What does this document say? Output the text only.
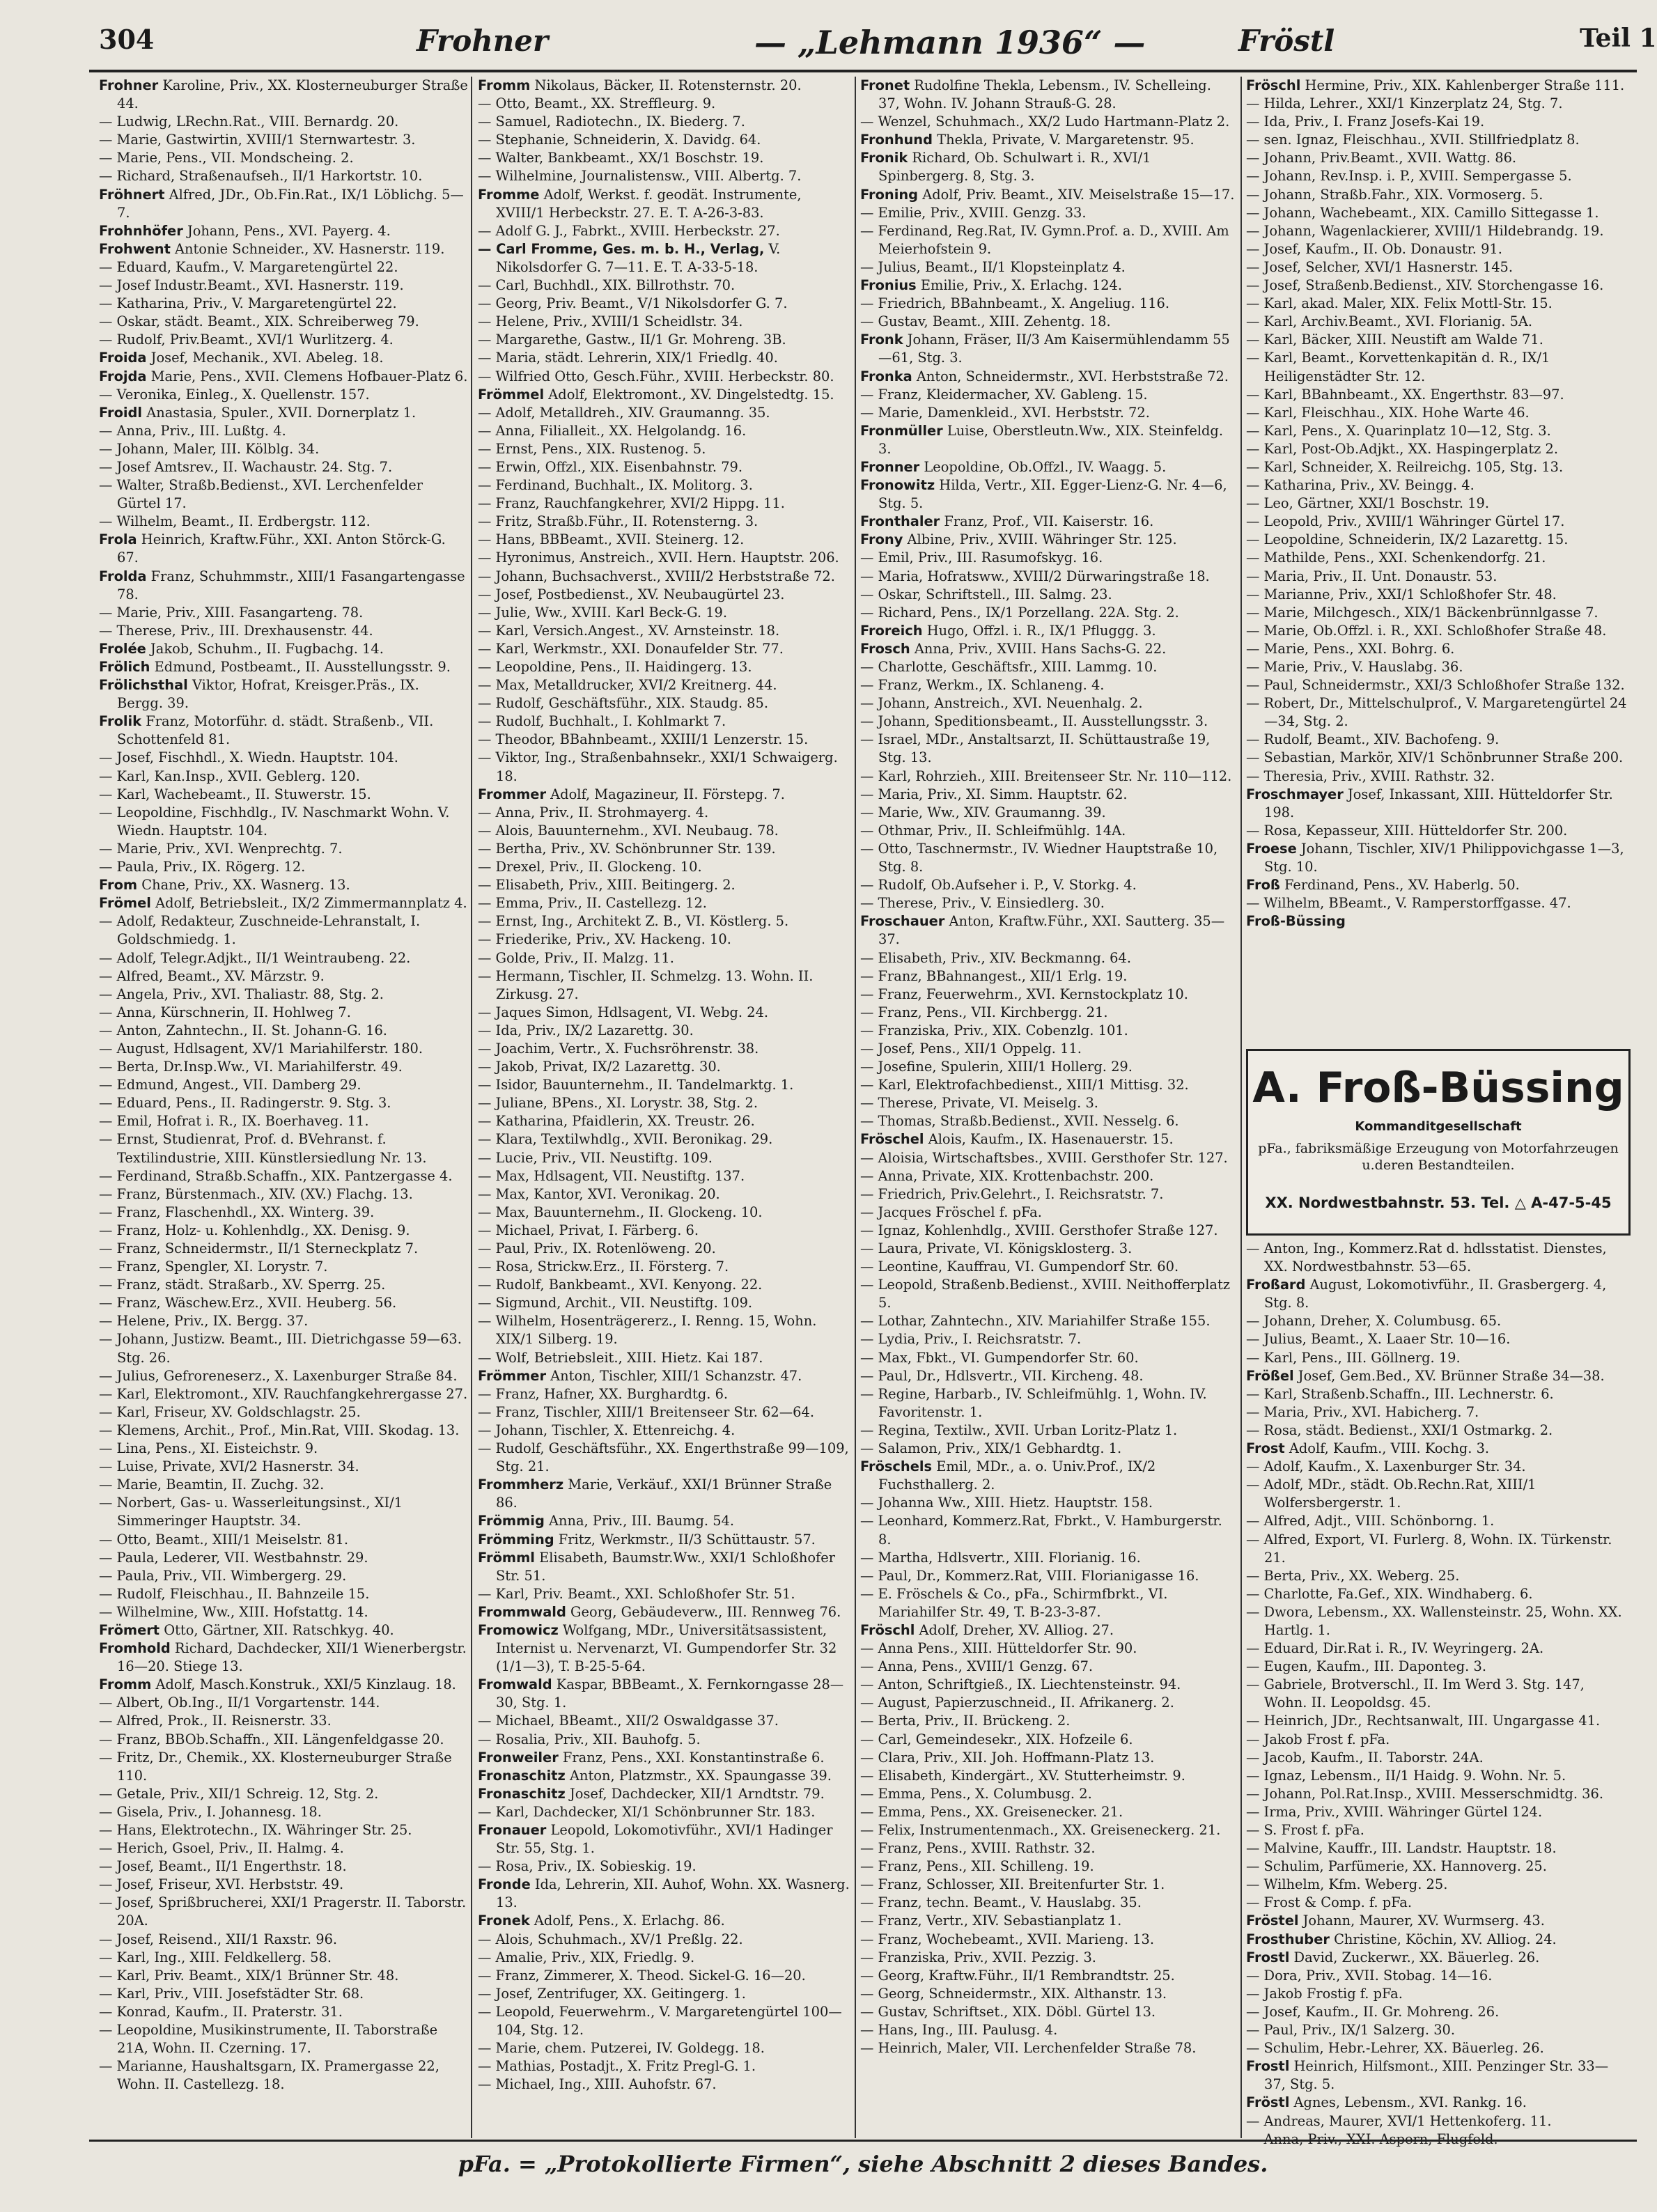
304	Frohner	— „Lehmann 1936“ —	Fröstl	Teil 1

Frohner Karoline, Priv., XX. Klosterneuburger Straße 44.

— Ludwig, LRechn.Rat., VIII. Bernardg. 20.

— Marie, Gastwirtin, XVIII/1 Sternwartestr. 3.

— Marie, Pens., VII. Mondscheing. 2.

— Richard, Straßenaufseh., II/1 Harkortstr. 10.

Fröhnert Alfred, JDr., Ob.Fin.Rat., IX/1 Löblichg. 5—7.

Frohnhöfer Johann, Pens., XVI. Payerg. 4.

Frohwent Antonie Schneider., XV. Hasnerstr. 119.

— Eduard, Kaufm., V. Margaretengürtel 22.

— Josef Industr.Beamt., XVI. Hasnerstr. 119.

— Katharina, Priv., V. Margaretengürtel 22.

— Oskar, städt. Beamt., XIX. Schreiberweg 79.

— Rudolf, Priv.Beamt., XVI/1 Wurlitzerg. 4.

Froida Josef, Mechanik., XVI. Abelеg. 18.

Frojda Marie, Pens., XVII. Clemens Hofbauer-Platz 6.

— Veronika, Einleg., X. Quellenstr. 157.

Froidl Anastasia, Spuler., XVII. Dornerplatz 1.

— Anna, Priv., III. Lußtg. 4.

— Johann, Maler, III. Kölblg. 34.

— Josef Amtsrev., II. Wachaustr. 24. Stg. 7.

— Walter, Straßb.Bedienst., XVI. Lerchenfelder Gürtel 17.

— Wilhelm, Beamt., II. Erdbergstr. 112.

Frola Heinrich, Kraftw.Führ., XXI. Anton Störck-G. 67.

Frolda Franz, Schuhmmstr., XIII/1 Fasangartengasse 78.

— Marie, Priv., XIII. Fasangarteng. 78.

— Therese, Priv., III. Drехhausenstr. 44.

Frolée Jakob, Schuhm., II. Fugbachg. 14.

Frölich Edmund, Postbeamt., II. Ausstellungsstr. 9.

Frölichsthal Viktor, Hofrat, Kreisger.Präs., IX. Bergg. 39.

Frolik Franz, Motorführ. d. städt. Straßenb., VII. Schottenfeld 81.

— Josef, Fischhdl., X. Wiedn. Hauptstr. 104.

— Karl, Kan.Insp., XVII. Geblerg. 120.

— Karl, Wachebeamt., II. Stuwerstr. 15.

— Leopoldine, Fischhdlg., IV. Naschmarkt Wohn. V. Wiedn. Hauptstr. 104.

— Marie, Priv., XVI. Wenprechtg. 7.

— Paula, Priv., IX. Rögerg. 12.

From Chane, Priv., XX. Wasnerg. 13.

Frömel Adolf, Betriebsleit., IX/2 Zimmermannplatz 4.

— Adolf, Redakteur, Zuschneide-Lehranstalt, I. Goldschmiedg. 1.

— Adolf, Telegr.Adjkt., II/1 Weintraubeng. 22.

— Alfred, Beamt., XV. Märzstr. 9.

— Angela, Priv., XVI. Thaliastr. 88, Stg. 2.

— Anna, Kürschnerin, II. Hohlweg 7.

— Anton, Zahntechn., II. St. Johann-G. 16.

— August, Hdlsagent, XV/1 Mariahilferstr. 180.

— Berta, Dr.Insp.Ww., VI. Mariahilferstr. 49.

— Edmund, Angest., VII. Damberg 29.

— Eduard, Pens., II. Radingerstr. 9. Stg. 3.

— Emil, Hofrat i. R., IX. Boerhaveg. 11.

— Ernst, Studienrat, Prof. d. BVehranst. f. Textilindustrie, XIII. Künstlersiedlung Nr. 13.

— Ferdinand, Straßb.Schaffn., XIX. Pantzergasse 4.

— Franz, Bürstenmach., XIV. (XV.) Flachg. 13.

— Franz, Flaschenhdl., XX. Winterg. 39.

— Franz, Holz- u. Kohlenhdlg., XX. Denisg. 9.

— Franz, Schneidermstr., II/1 Sterneckplatz 7.

— Franz, Spengler, XI. Lorystr. 7.

— Franz, städt. Straßarb., XV. Sperrg. 25.

— Franz, Wäschew.Erz., XVII. Heuberg. 56.

— Helene, Priv., IX. Bergg. 37.

— Johann, Justizw. Beamt., III. Dietrichgasse 59—63. Stg. 26.

— Julius, Gefroreneserz., X. Laxenburger Straße 84.

— Karl, Elektromont., XIV. Rauchfangkehrergasse 27.

— Karl, Friseur, XV. Goldschlagstr. 25.

— Klemens, Archit., Prof., Min.Rat, VIII. Skodag. 13.

— Lina, Pens., XI. Eisteichstr. 9.

— Luise, Private, XVI/2 Hasnerstr. 34.

— Marie, Beamtin, II. Zuchg. 32.

— Norbert, Gas- u. Wasserleitungsinst., XI/1 Simmeringer Hauptstr. 34.

— Otto, Beamt., XIII/1 Meiselstr. 81.

— Paula, Lederer, VII. Westbahnstr. 29.

— Paula, Priv., VII. Wimbergerg. 29.

— Rudolf, Fleischhau., II. Bahnzeile 15.

— Wilhelmine, Ww., XIII. Hofstattg. 14.

Frömert Otto, Gärtner, XII. Ratschkyg. 40.

Fromhold Richard, Dachdecker, XII/1 Wienerbergstr. 16—20. Stiege 13.

Fromm Adolf, Masch.Konstruk., XXI/5 Kinzlaug. 18.

— Albert, Ob.Ing., II/1 Vorgartenstr. 144.

— Alfred, Prok., II. Reisnerstr. 33.

— Franz, BBOb.Schaffn., XII. Längenfeldgasse 20.

— Fritz, Dr., Chemik., XX. Klosterneuburger Straße 110.

— Getale, Priv., XII/1 Schreig. 12, Stg. 2.

— Gisela, Priv., I. Johannesg. 18.

— Hans, Elektrotechn., IX. Währinger Str. 25.

— Herich, Gsoel, Priv., II. Halmg. 4.

— Josef, Beamt., II/1 Engerthstr. 18.

— Josef, Friseur, XVI. Herbststr. 49.

— Josef, Sprißbrucherei, XXI/1 Pragerstr. II. Taborstr. 20A.

— Josef, Reisend., XII/1 Raxstr. 96.

— Karl, Ing., XIII. Feldkellerg. 58.

— Karl, Priv. Beamt., XIX/1 Brünner Str. 48.

— Karl, Priv., VIII. Josefstädter Str. 68.

— Konrad, Kaufm., II. Praterstr. 31.

— Leopoldine, Musikinstrumente, II. Taborstraße 21A, Wohn. II. Czerning. 17.

— Marianne, Haushaltsgarn, IX. Pramergasse 22, Wohn. II. Castellezg. 18.

Fromm Nikolaus, Bäcker, II. Rotensternstr. 20.

— Otto, Beamt., XX. Streffleurg. 9.

— Samuel, Radiotechn., IX. Biederg. 7.

— Stephanie, Schneiderin, X. Davidg. 64.

— Walter, Bankbeamt., XX/1 Boschstr. 19.

— Wilhelmine, Journalistensw., VIII. Albertg. 7.

Fromme Adolf, Werkst. f. geodät. Instrumente, XVIII/1 Herbeckstr. 27. E. T. A-26-3-83.

— Adolf G. J., Fabrkt., XVIII. Herbeckstr. 27.

— Carl Fromme, Ges. m. b. H., Verlag, V. Nikolsdorfer G. 7—11. E. T. A-33-5-18.

— Carl, Buchhdl., XIX. Billrothstr. 70.

— Georg, Priv. Beamt., V/1 Nikolsdorfer G. 7.

— Helene, Priv., XVIII/1 Scheidlstr. 34.

— Margarethe, Gastw., II/1 Gr. Mohreng. 3B.

— Maria, städt. Lehrerin, XIX/1 Friedlg. 40.

— Wilfried Otto, Gesch.Führ., XVIII. Herbeckstr. 80.

Frömmel Adolf, Elektromont., XV. Dingelstedtg. 15.

— Adolf, Metalldreh., XIV. Graumanng. 35.

— Anna, Filialleit., XX. Helgolandg. 16.

— Ernst, Pens., XIX. Rustenog. 5.

— Erwin, Offzl., XIX. Eisenbahnstr. 79.

— Ferdinand, Buchhalt., IX. Molitorg. 3.

— Franz, Rauchfangkehrer, XVI/2 Hippg. 11.

— Fritz, Straßb.Führ., II. Rotensterng. 3.

— Hans, BBBeamt., XVII. Steinerg. 12.

— Hyronimus, Anstreich., XVII. Hern. Hauptstr. 206.

— Johann, Buchsachverst., XVIII/2 Herbststraße 72.

— Josef, Postbedienst., XV. Neubaugürtel 23.

— Julie, Ww., XVIII. Karl Beck-G. 19.

— Karl, Versich.Angest., XV. Arnsteinstr. 18.

— Karl, Werkmstr., XXI. Donaufelder Str. 77.

— Leopoldine, Pens., II. Haidingerg. 13.

— Max, Metalldrucker, XVI/2 Kreitnerg. 44.

— Rudolf, Geschäftsführ., XIX. Staudg. 85.

— Rudolf, Buchhalt., I. Kohlmarkt 7.

— Theodor, BBahnbeamt., XXIII/1 Lenzerstr. 15.

— Viktor, Ing., Straßenbahnsekr., XXI/1 Schwaigerg. 18.

Frommer Adolf, Magazineur, II. Förstерg. 7.

— Anna, Priv., II. Strohmayerg. 4.

— Alois, Bauunternehm., XVI. Neubaug. 78.

— Bertha, Priv., XV. Schönbrunner Str. 139.

— Drexel, Priv., II. Glockeng. 10.

— Elisabeth, Priv., XIII. Beitingerg. 2.

— Emma, Priv., II. Castellezg. 12.

— Ernst, Ing., Architekt Z. B., VI. Köstlerg. 5.

— Friederike, Priv., XV. Hackeng. 10.

— Golde, Priv., II. Malzg. 11.

— Hermann, Tischler, II. Schmelzg. 13. Wohn. II. Zirkusg. 27.

— Jaques Simon, Hdlsagent, VI. Webg. 24.

— Ida, Priv., IX/2 Lazarettg. 30.

— Joachim, Vertr., X. Fuchsröhrenstr. 38.

— Jakob, Privat, IX/2 Lazarettg. 30.

— Isidor, Bauunternehm., II. Tandelmarktg. 1.

— Juliane, BPens., XI. Lorystr. 38, Stg. 2.

— Katharina, Pfaidlerin, XX. Treustr. 26.

— Klara, Textilwhdlg., XVII. Beronikag. 29.

— Lucie, Priv., VII. Neustiftg. 109.

— Max, Hdlsagent, VII. Neustiftg. 137.

— Max, Kantor, XVI. Veronikag. 20.

— Max, Bauunternehm., II. Glockeng. 10.

— Michael, Privat, I. Färberg. 6.

— Paul, Priv., IX. Rotenlöweng. 20.

— Rosa, Strickw.Erz., II. Försterg. 7.

— Rudolf, Bankbeamt., XVI. Kenyong. 22.

— Sigmund, Archit., VII. Neustiftg. 109.

— Wilhelm, Hosenträgererz., I. Renng. 15, Wohn. XIX/1 Silberg. 19.

— Wolf, Betriebsleit., XIII. Hietz. Kai 187.

Frömmer Anton, Tischler, XIII/1 Schanzstr. 47.

— Franz, Hafner, XX. Burghardtg. 6.

— Franz, Tischler, XIII/1 Breitenseer Str. 62—64.

— Johann, Tischler, X. Ettenreichg. 4.

— Rudolf, Geschäftsführ., XX. Engerthstraße 99—109, Stg. 21.

Frommherz Marie, Verkäuf., XXI/1 Brünner Straße 86.

Frömmig Anna, Priv., III. Baumg. 54.

Frömming Fritz, Werkmstr., II/3 Schüttaustr. 57.

Frömml Elisabeth, Baumstr.Ww., XXI/1 Schloßhofer Str. 51.

— Karl, Priv. Beamt., XXI. Schloßhofer Str. 51.

Frommwald Georg, Gebäudeverw., III. Rennweg 76.

Fromowicz Wolfgang, MDr., Universitätsassistent, Internist u. Nervenarzt, VI. Gumpendorfer Str. 32 (1/1—3), T. B-25-5-64.

Fromwald Kaspar, BBBeamt., X. Fernkorngasse 28—30, Stg. 1.

— Michael, BBeamt., XII/2 Oswaldgasse 37.

— Rosalia, Priv., XII. Bauhofg. 5.

Fronweiler Franz, Pens., XXI. Konstantinstraße 6.

Fronaschitz Anton, Platzmstr., XX. Spaungasse 39.

Fronaschitz Josef, Dachdecker, XII/1 Arndtstr. 79.

— Karl, Dachdecker, XI/1 Schönbrunner Str. 183.

Fronauer Leopold, Lokomotivführ., XVI/1 Hadinger Str. 55, Stg. 1.

— Rosa, Priv., IX. Sobieskig. 19.

Fronde Ida, Lehrerin, XII. Auhof, Wohn. XX. Wasnerg. 13.

Fronek Adolf, Pens., X. Erlachg. 86.

— Alois, Schuhmach., XV/1 Preßlg. 22.

— Amalie, Priv., XIX, Friedlg. 9.

— Franz, Zimmerer, X. Theod. Sickel-G. 16—20.

— Josef, Zentrifuger, XX. Geitingerg. 1.

— Leopold, Feuerwehrm., V. Margaretengürtel 100—104, Stg. 12.

— Marie, chem. Putzerei, IV. Goldegg. 18.

— Mathias, Postadjt., X. Fritz Pregl-G. 1.

— Michael, Ing., XIII. Auhofstr. 67.

Fronet Rudolfine Thekla, Lebensm., IV. Schelleing. 37, Wohn. IV. Johann Strauß-G. 28.

— Wenzel, Schuhmach., XX/2 Ludo Hartmann-Platz 2.

Fronhund Thekla, Private, V. Margaretenstr. 95.

Fronik Richard, Ob. Schulwart i. R., XVI/1 Spinbergerg. 8, Stg. 3.

Froning Adolf, Priv. Beamt., XIV. Meiselstraße 15—17.

— Emilie, Priv., XVIII. Genzg. 33.

— Ferdinand, Reg.Rat, IV. Gymn.Prof. a. D., XVIII. Am Meierhofstein 9.

— Julius, Beamt., II/1 Klopsteinplatz 4.

Fronius Emilie, Priv., X. Erlachg. 124.

— Friedrich, BBahnbeamt., X. Angeliug. 116.

— Gustav, Beamt., XIII. Zehentg. 18.

Fronk Johann, Fräser, II/3 Am Kaisermühlendamm 55—61, Stg. 3.

Fronka Anton, Schneidermstr., XVI. Herbststraße 72.

— Franz, Kleidermacher, XV. Gableng. 15.

— Marie, Damenkleid., XVI. Herbststr. 72.

Fronmüller Luise, Oberstleutn.Ww., XIX. Steinfeldg. 3.

Fronner Leopoldine, Ob.Offzl., IV. Waagg. 5.

Fronowitz Hilda, Vertr., XII. Egger-Lienz-G. Nr. 4—6, Stg. 5.

Fronthaler Franz, Prof., VII. Kaiserstr. 16.

Frony Albine, Priv., XVIII. Währinger Str. 125.

— Emil, Priv., III. Rasumofskyg. 16.

— Maria, Hofratsww., XVIII/2 Dürwaringstraße 18.

— Oskar, Schriftstell., III. Salmg. 23.

— Richard, Pens., IX/1 Porzellang. 22A. Stg. 2.

Froreich Hugo, Offzl. i. R., IX/1 Pfluggg. 3.

Frosch Anna, Priv., XVIII. Hans Sachs-G. 22.

— Charlotte, Geschäftsfr., XIII. Lammg. 10.

— Franz, Werkm., IX. Schlaneng. 4.

— Johann, Anstreich., XVI. Neuenhalg. 2.

— Johann, Speditionsbeamt., II. Ausstellungsstr. 3.

— Israel, MDr., Anstaltsarzt, II. Schüttaustraße 19, Stg. 13.

— Karl, Rohrzieh., XIII. Breitenseer Str. Nr. 110—112.

— Maria, Priv., XI. Simm. Hauptstr. 62.

— Marie, Ww., XIV. Graumanng. 39.

— Othmar, Priv., II. Schleifmühlg. 14A.

— Otto, Taschnermstr., IV. Wiedner Hauptstraße 10, Stg. 8.

— Rudolf, Ob.Aufseher i. P., V. Storkg. 4.

— Therese, Priv., V. Einsiedlerg. 30.

Froschauer Anton, Kraftw.Führ., XXI. Sautterg. 35—37.

— Elisabeth, Priv., XIV. Beckmanng. 64.

— Franz, BBahnangest., XII/1 Erlg. 19.

— Franz, Feuerwehrm., XVI. Kernstockplatz 10.

— Franz, Pens., VII. Kirchbergg. 21.

— Franziska, Priv., XIX. Cobenzlg. 101.

— Josef, Pens., XII/1 Oppelg. 11.

— Josefine, Spulerin, XIII/1 Hollerg. 29.

— Karl, Elektrofachbedienst., XIII/1 Mittisg. 32.

— Therese, Private, VI. Meiselg. 3.

— Thomas, Straßb.Bedienst., XVII. Nesselg. 6.

Fröschel Alois, Kaufm., IX. Hasenauerstr. 15.

— Aloisia, Wirtschaftsbes., XVIII. Gersthofer Str. 127.

— Anna, Private, XIX. Krottenbachstr. 200.

— Friedrich, Priv.Gelehrt., I. Reichsratstr. 7.

— Jacques Fröschel f. pFa.

— Ignaz, Kohlenhdlg., XVIII. Gersthofer Straße 127.

— Laura, Private, VI. Königsklosterg. 3.

— Leontine, Kauffrau, VI. Gumpendorf Str. 60.

— Leopold, Straßenb.Bedienst., XVIII. Neithofferplatz 5.

— Lothar, Zahntechn., XIV. Mariahilfer Straße 155.

— Lydia, Priv., I. Reichsratstr. 7.

— Max, Fbkt., VI. Gumpendorfer Str. 60.

— Paul, Dr., Hdlsvertr., VII. Kircheng. 48.

— Regine, Harbarb., IV. Schleifmühlg. 1, Wohn. IV. Favoritenstr. 1.

— Regina, Textilw., XVII. Urban Loritz-Platz 1.

— Salamon, Priv., XIX/1 Gebhardtg. 1.

Fröschels Emil, MDr., a. o. Univ.Prof., IX/2 Fuchsthallerg. 2.

— Johanna Ww., XIII. Hietz. Hauptstr. 158.

— Leonhard, Kommerz.Rat, Fbrkt., V. Hamburgerstr. 8.

— Martha, Hdlsvertr., XIII. Florianig. 16.

— Paul, Dr., Kommerz.Rat, VIII. Florianigasse 16.

— E. Fröschels & Co., pFa., Schirmfbrkt., VI. Mariahilfer Str. 49, T. B-23-3-87.

Fröschl Adolf, Dreher, XV. Alliog. 27.

— Anna Pens., XIII. Hütteldorfer Str. 90.

— Anna, Pens., XVIII/1 Genzg. 67.

— Anton, Schriftgieß., IX. Liechtensteinstr. 94.

— August, Papierzuschneid., II. Afrikanerg. 2.

— Berta, Priv., II. Brückeng. 2.

— Carl, Gemeindesekr., XIX. Hofzeile 6.

— Clara, Priv., XII. Joh. Hoffmann-Platz 13.

— Elisabeth, Kindergärt., XV. Stutterheimstr. 9.

— Emma, Pens., X. Columbusg. 2.

— Emma, Pens., XX. Greisenecker. 21.

— Felix, Instrumentenmach., XX. Greiseneckerg. 21.

— Franz, Pens., XVIII. Rathstr. 32.

— Franz, Pens., XII. Schilleng. 19.

— Franz, Schlosser, XII. Breitenfurter Str. 1.

— Franz, techn. Beamt., V. Hauslabg. 35.

— Franz, Vertr., XIV. Sebastianplatz 1.

— Franz, Wochebeamt., XVII. Marieng. 13.

— Franziska, Priv., XVII. Pezzig. 3.

— Georg, Kraftw.Führ., II/1 Rembrandtstr. 25.

— Georg, Schneidermstr., XIX. Althanstr. 13.

— Gustav, Schriftset., XIX. Döbl. Gürtel 13.

— Hans, Ing., III. Paulusg. 4.

— Heinrich, Maler, VII. Lerchenfelder Straße 78.

Fröschl Hermine, Priv., XIX. Kahlenberger Straße 111.

— Hilda, Lehrer., XXI/1 Kinzerplatz 24, Stg. 7.

— Ida, Priv., I. Franz Josefs-Kai 19.

— sen. Ignaz, Fleischhau., XVII. Stillfriedplatz 8.

— Johann, Priv.Beamt., XVII. Wattg. 86.

— Johann, Rev.Insp. i. P., XVIII. Sempergasse 5.

— Johann, Straßb.Fahr., XIX. Vormoserg. 5.

— Johann, Wachebeamt., XIX. Camillo Sittegasse 1.

— Johann, Wagenlackierer, XVIII/1 Hildebrandg. 19.

— Josef, Kaufm., II. Ob. Donaustr. 91.

— Josef, Selcher, XVI/1 Hasnerstr. 145.

— Josef, Straßenb.Bedienst., XIV. Storchengasse 16.

— Karl, akad. Maler, XIX. Felix Mottl-Str. 15.

— Karl, Archiv.Beamt., XVI. Florianig. 5A.

— Karl, Bäcker, XIII. Neustift am Walde 71.

— Karl, Beamt., Korvettenkapitän d. R., IX/1 Heiligenstädter Str. 12.

— Karl, BBahnbeamt., XX. Engerthstr. 83—97.

— Karl, Fleischhau., XIX. Hohe Warte 46.

— Karl, Pens., X. Quarinplatz 10—12, Stg. 3.

— Karl, Post-Ob.Adjkt., XX. Haspingerplatz 2.

— Karl, Schneider, X. Reilreichg. 105, Stg. 13.

— Katharina, Priv., XV. Beingg. 4.

— Leo, Gärtner, XXI/1 Boschstr. 19.

— Leopold, Priv., XVIII/1 Währinger Gürtel 17.

— Leopoldine, Schneiderin, IX/2 Lazarettg. 15.

— Mathilde, Pens., XXI. Schenkendorfg. 21.

— Maria, Priv., II. Unt. Donaustr. 53.

— Marianne, Priv., XXI/1 Schloßhofer Str. 48.

— Marie, Milchgesch., XIX/1 Bäckenbrünnlgasse 7.

— Marie, Ob.Offzl. i. R., XXI. Schloßhofer Straße 48.

— Marie, Pens., XXI. Bohrg. 6.

— Marie, Priv., V. Hauslabg. 36.

— Paul, Schneidermstr., XXI/3 Schloßhofer Straße 132.

— Robert, Dr., Mittelschulprof., V. Margaretengürtel 24—34, Stg. 2.

— Rudolf, Beamt., XIV. Bachofeng. 9.

— Sebastian, Markör, XIV/1 Schönbrunner Straße 200.

— Theresia, Priv., XVIII. Rathstr. 32.

Froschmayer Josef, Inkassant, XIII. Hütteldorfer Str. 198.

— Rosa, Kepasseur, XIII. Hütteldorfer Str. 200.

Froese Johann, Tischler, XIV/1 Philippovichgasse 1—3, Stg. 10.

Froß Ferdinand, Pens., XV. Haberlg. 50.

— Wilhelm, BBeamt., V. Ramperstorffgasse. 47.

Froß-Büssing

A. Froß-Büssing
Kommanditgesellschaft
pFa., fabriksmäßige Erzeugung von Motorfahrzeugen u.deren Bestandteilen.
XX. Nordwestbahnstr. 53. Tel. △ A-47-5-45

— Anton, Ing., Kommerz.Rat d. hdlsstatist. Dienstes, XX. Nordwestbahnstr. 53—65.

Froßard August, Lokomotivführ., II. Grasbergerg. 4, Stg. 8.

— Johann, Dreher, X. Columbusg. 65.

— Julius, Beamt., X. Laaer Str. 10—16.

— Karl, Pens., III. Göllnerg. 19.

Frößel Josef, Gem.Bed., XV. Brünner Straße 34—38.

— Karl, Straßenb.Schaffn., III. Lechnerstr. 6.

— Maria, Priv., XVI. Habicherg. 7.

— Rosa, städt. Bedienst., XXI/1 Ostmarkg. 2.

Frost Adolf, Kaufm., VIII. Kochg. 3.

— Adolf, Kaufm., X. Laxenburger Str. 34.

— Adolf, MDr., städt. Ob.Rechn.Rat, XIII/1 Wolfersbergerstr. 1.

— Alfred, Adjt., VIII. Schönborng. 1.

— Alfred, Export, VI. Furlerg. 8, Wohn. IX. Türkenstr. 21.

— Berta, Priv., XX. Weberg. 25.

— Charlotte, Fa.Gef., XIX. Windhaberg. 6.

— Dwora, Lebensm., XX. Wallensteinstr. 25, Wohn. XX. Hartlg. 1.

— Eduard, Dir.Rat i. R., IV. Weyringerg. 2A.

— Eugen, Kaufm., III. Daponteg. 3.

— Gabriele, Brotverschl., II. Im Werd 3. Stg. 147, Wohn. II. Leopoldsg. 45.

— Heinrich, JDr., Rechtsanwalt, III. Ungargasse 41.

— Jakob Frost f. pFa.

— Jacob, Kaufm., II. Taborstr. 24A.

— Ignaz, Lebensm., II/1 Haidg. 9. Wohn. Nr. 5.

— Johann, Pol.Rat.Insp., XVIII. Messerschmidtg. 36.

— Irma, Priv., XVIII. Währinger Gürtel 124.

— S. Frost f. pFa.

— Malvine, Kauffr., III. Landstr. Hauptstr. 18.

— Schulim, Parfümerie, XX. Hannoverg. 25.

— Wilhelm, Kfm. Weberg. 25.

— Frost & Comp. f. pFa.

Fröstel Johann, Maurer, XV. Wurmserg. 43.

Frosthuber Christine, Köchin, XV. Alliog. 24.

Frostl David, Zuckerwr., XX. Bäuerleg. 26.

— Dora, Priv., XVII. Stobag. 14—16.

— Jakob Frostig f. pFa.

— Josef, Kaufm., II. Gr. Mohreng. 26.

— Paul, Priv., IX/1 Salzerg. 30.

— Schulim, Hebr.-Lehrer, XX. Bäuerleg. 26.

Frostl Heinrich, Hilfsmont., XIII. Penzinger Str. 33—37, Stg. 5.

Fröstl Agnes, Lebensm., XVI. Rankg. 16.

— Andreas, Maurer, XVI/1 Hettenkoferg. 11.

— Anna, Priv., XXI. Aspern, Flugfeld.

pFa. = „Protokollierte Firmen“, siehe Abschnitt 2 dieses Bandes.
